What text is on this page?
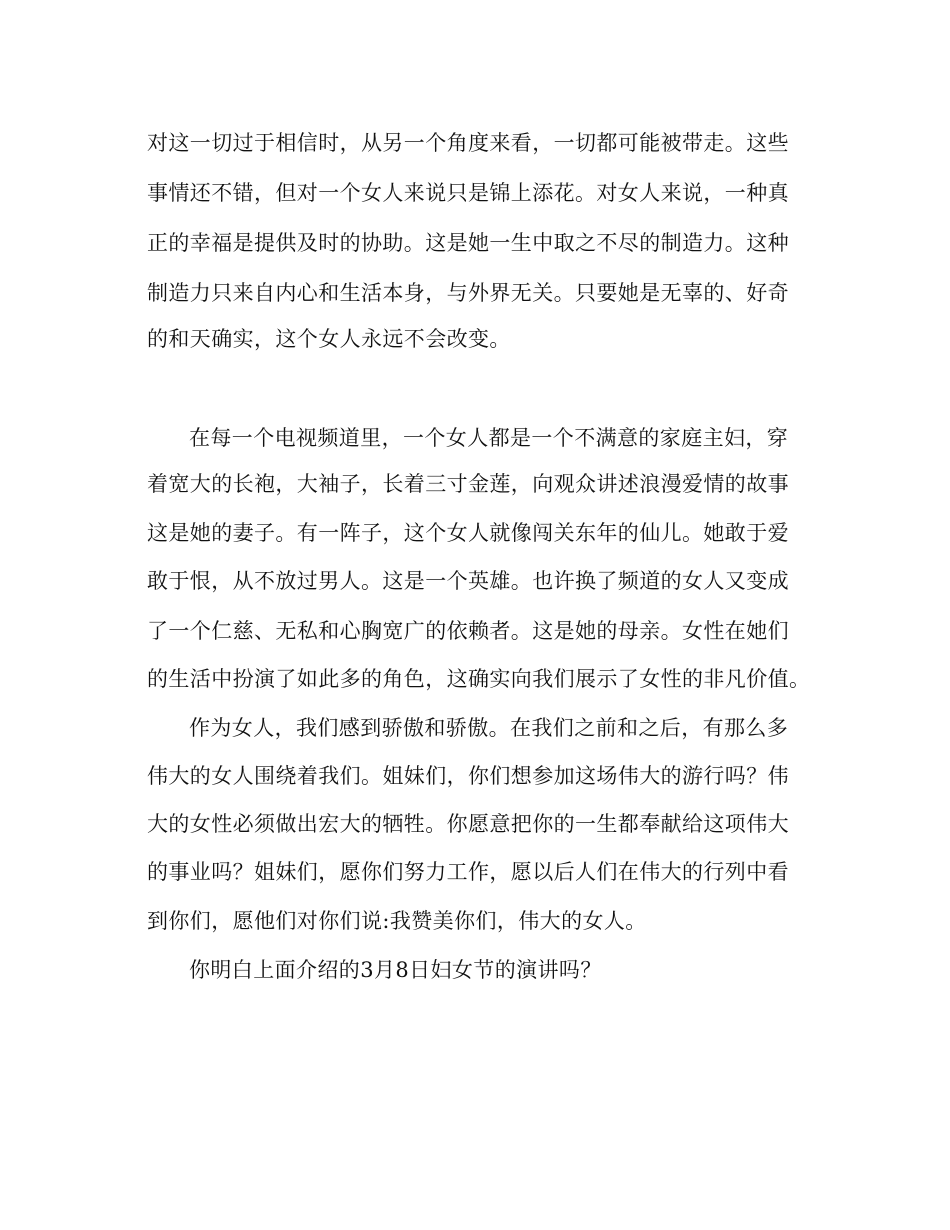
对这一切过于相信时，从另一个角度来看，一切都可能被带走。这些
事情还不错，但对一个女人来说只是锦上添花。对女人来说，一种真
正的幸福是提供及时的协助。这是她一生中取之不尽的制造力。这种
制造力只来自内心和生活本身，与外界无关。只要她是无辜的、好奇
的和天确实，这个女人永远不会改变。
在每一个电视频道里，一个女人都是一个不满意的家庭主妇，穿
着宽大的长袍，大袖子，长着三寸金莲，向观众讲述浪漫爱情的故事
这是她的妻子。有一阵子，这个女人就像闯关东年的仙儿。她敢于爱
敢于恨，从不放过男人。这是一个英雄。也许换了频道的女人又变成
了一个仁慈、无私和心胸宽广的依赖者。这是她的母亲。女性在她们
的生活中扮演了如此多的角色，这确实向我们展示了女性的非凡价值。
作为女人，我们感到骄傲和骄傲。在我们之前和之后，有那么多
伟大的女人围绕着我们。姐妹们，你们想参加这场伟大的游行吗？伟
大的女性必须做出宏大的牺牲。你愿意把你的一生都奉献给这项伟大
的事业吗？姐妹们，愿你们努力工作，愿以后人们在伟大的行列中看
到你们，愿他们对你们说:我赞美你们，伟大的女人。
你明白上面介绍的3月8日妇女节的演讲吗？
